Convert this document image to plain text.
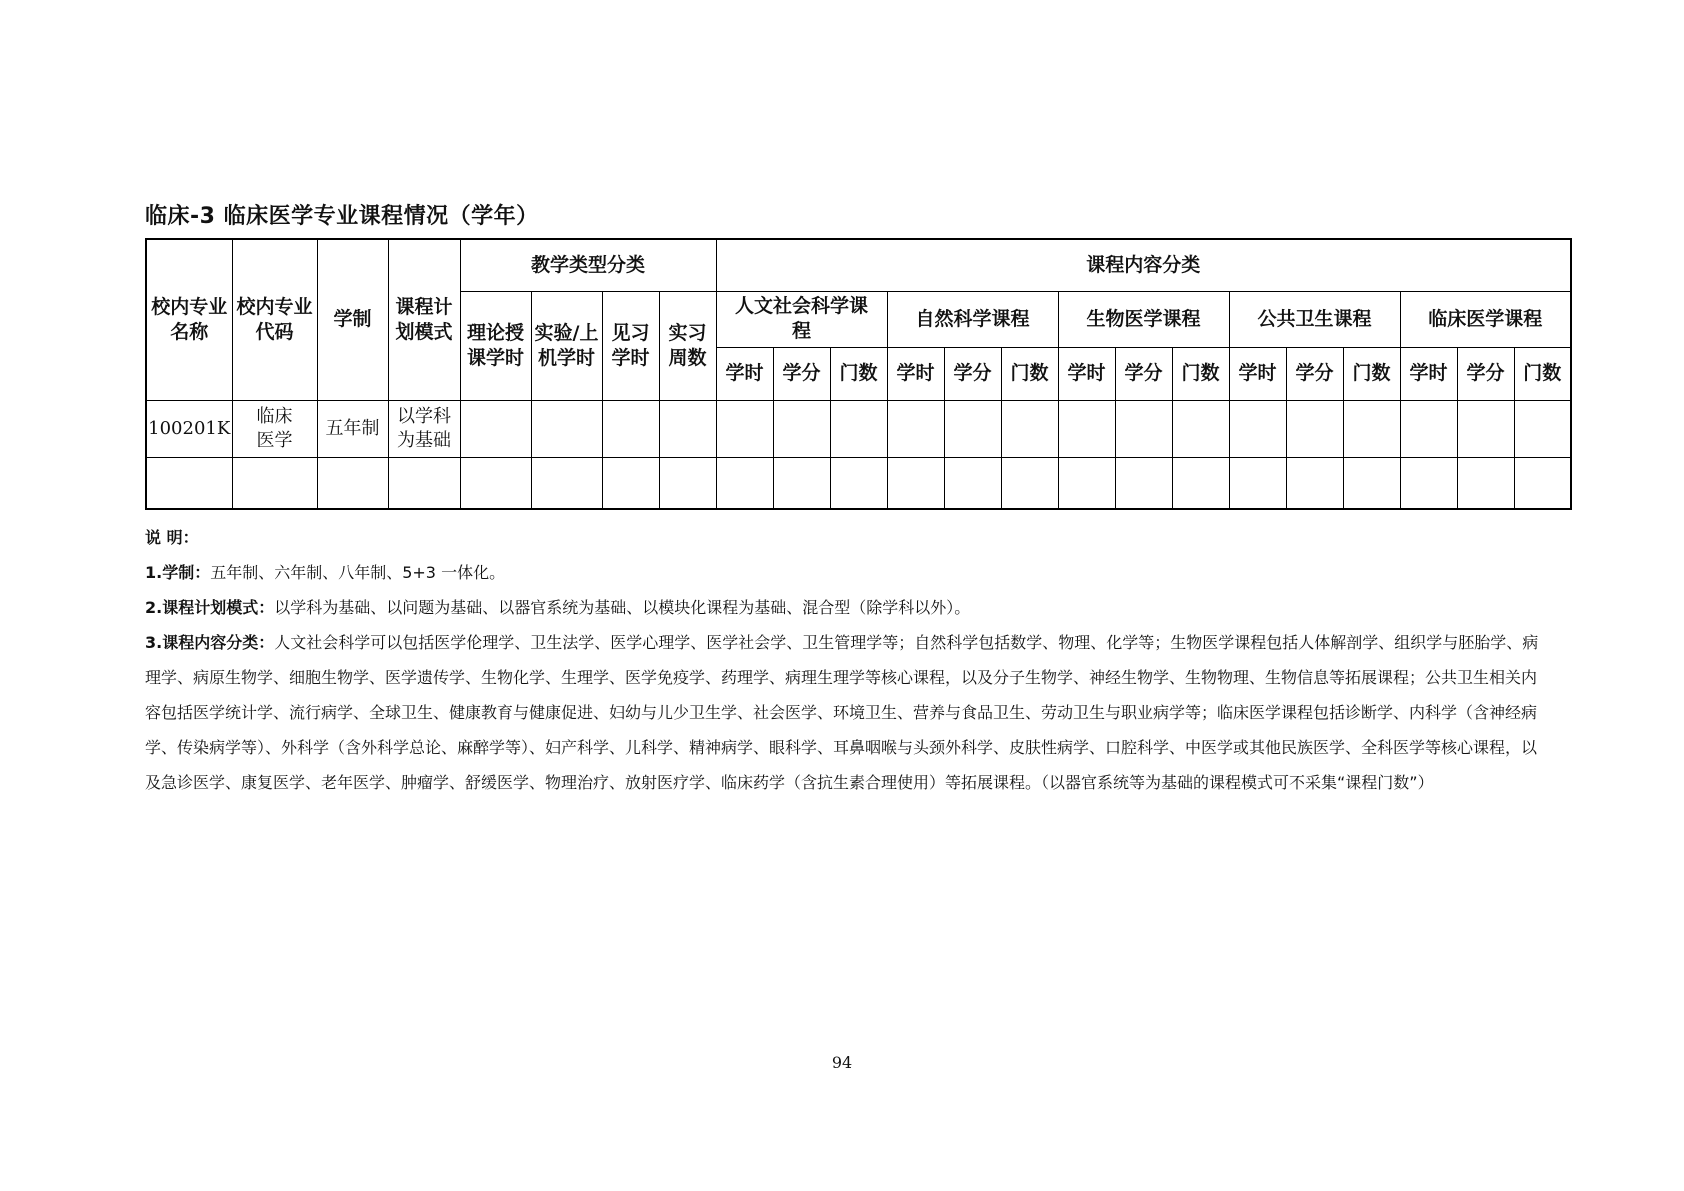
临床-3 临床医学专业课程情况（学年）
校内专业名称	校内专业代码	学制	课程计划模式	教学类型分类				课程内容分类														
				理论授课学时	实验/上机学时	见习学时	实习周数	人文社会科学课程			自然科学课程			生物医学课程			公共卫生课程			临床医学课程		
								学时	学分	门数	学时	学分	门数	学时	学分	门数	学时	学分	门数	学时	学分	门数
100201K	临床医学	五年制	以学科为基础																			

说 明：

1.学制：五年制、六年制、八年制、5+3 一体化。

2.课程计划模式：以学科为基础、以问题为基础、以器官系统为基础、以模块化课程为基础、混合型（除学科以外）。

3.课程内容分类：人文社会科学可以包括医学伦理学、卫生法学、医学心理学、医学社会学、卫生管理学等；自然科学包括数学、物理、化学等；生物医学课程包括人体解剖学、组织学与胚胎学、病理学、病原生物学、细胞生物学、医学遗传学、生物化学、生理学、医学免疫学、药理学、病理生理学等核心课程，以及分子生物学、神经生物学、生物物理、生物信息等拓展课程；公共卫生相关内容包括医学统计学、流行病学、全球卫生、健康教育与健康促进、妇幼与儿少卫生学、社会医学、环境卫生、营养与食品卫生、劳动卫生与职业病学等；临床医学课程包括诊断学、内科学（含神经病学、传染病学等）、外科学（含外科学总论、麻醉学等）、妇产科学、儿科学、精神病学、眼科学、耳鼻咽喉与头颈外科学、皮肤性病学、口腔科学、中医学或其他民族医学、全科医学等核心课程，以及急诊医学、康复医学、老年医学、肿瘤学、舒缓医学、物理治疗、放射医疗学、临床药学（含抗生素合理使用）等拓展课程。（以器官系统等为基础的课程模式可不采集“课程门数”）

94
